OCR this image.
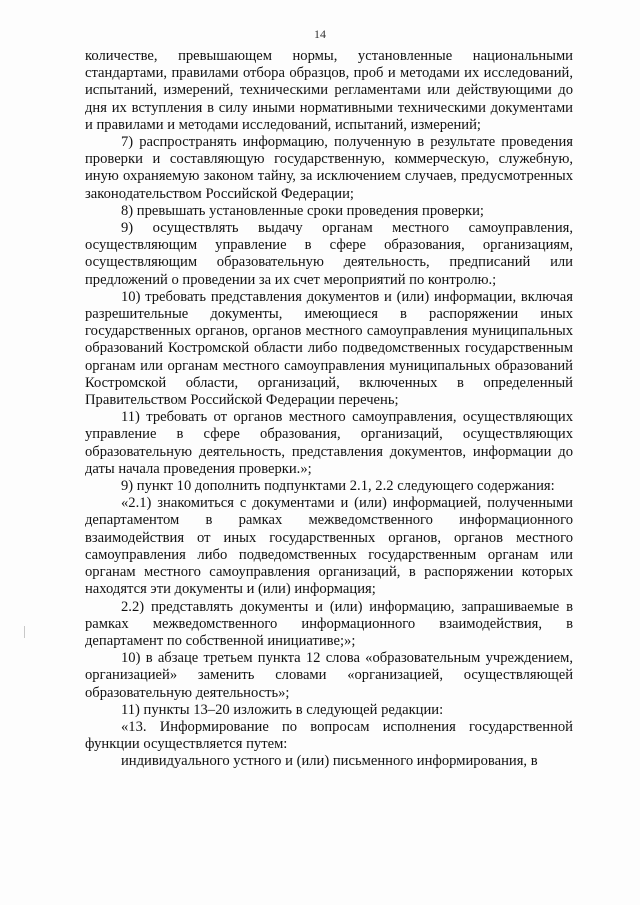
14

количестве, превышающем нормы, установленные национальными стандартами, правилами отбора образцов, проб и методами их исследований, испытаний, измерений, техническими регламентами или действующими до дня их вступления в силу иными нормативными техническими документами и правилами и методами исследований, испытаний, измерений;

7) распространять информацию, полученную в результате проведения проверки и составляющую государственную, коммерческую, служебную, иную охраняемую законом тайну, за исключением случаев, предусмотренных законодательством Российской Федерации;

8) превышать установленные сроки проведения проверки;

9) осуществлять выдачу органам местного самоуправления, осуществляющим управление в сфере образования, организациям, осуществляющим образовательную деятельность, предписаний или предложений о проведении за их счет мероприятий по контролю.;

10) требовать представления документов и (или) информации, включая разрешительные документы, имеющиеся в распоряжении иных государственных органов, органов местного самоуправления муниципальных образований Костромской области либо подведомственных государственным органам или органам местного самоуправления муниципальных образований Костромской области, организаций, включенных в определенный Правительством Российской Федерации перечень;

11) требовать от органов местного самоуправления, осуществляющих управление в сфере образования, организаций, осуществляющих образовательную деятельность, представления документов, информации до даты начала проведения проверки.»;

9) пункт 10 дополнить подпунктами 2.1, 2.2 следующего содержания:

«2.1) знакомиться с документами и (или) информацией, полученными департаментом в рамках межведомственного информационного взаимодействия от иных государственных органов, органов местного самоуправления либо подведомственных государственным органам или органам местного самоуправления организаций, в распоряжении которых находятся эти документы и (или) информация;

2.2) представлять документы и (или) информацию, запрашиваемые в рамках межведомственного информационного взаимодействия, в департамент по собственной инициативе;»;

10) в абзаце третьем пункта 12 слова «образовательным учреждением, организацией» заменить словами «организацией, осуществляющей образовательную деятельность»;

11) пункты 13–20 изложить в следующей редакции:

«13. Информирование по вопросам исполнения государственной функции осуществляется путем:

индивидуального устного и (или) письменного информирования, в
